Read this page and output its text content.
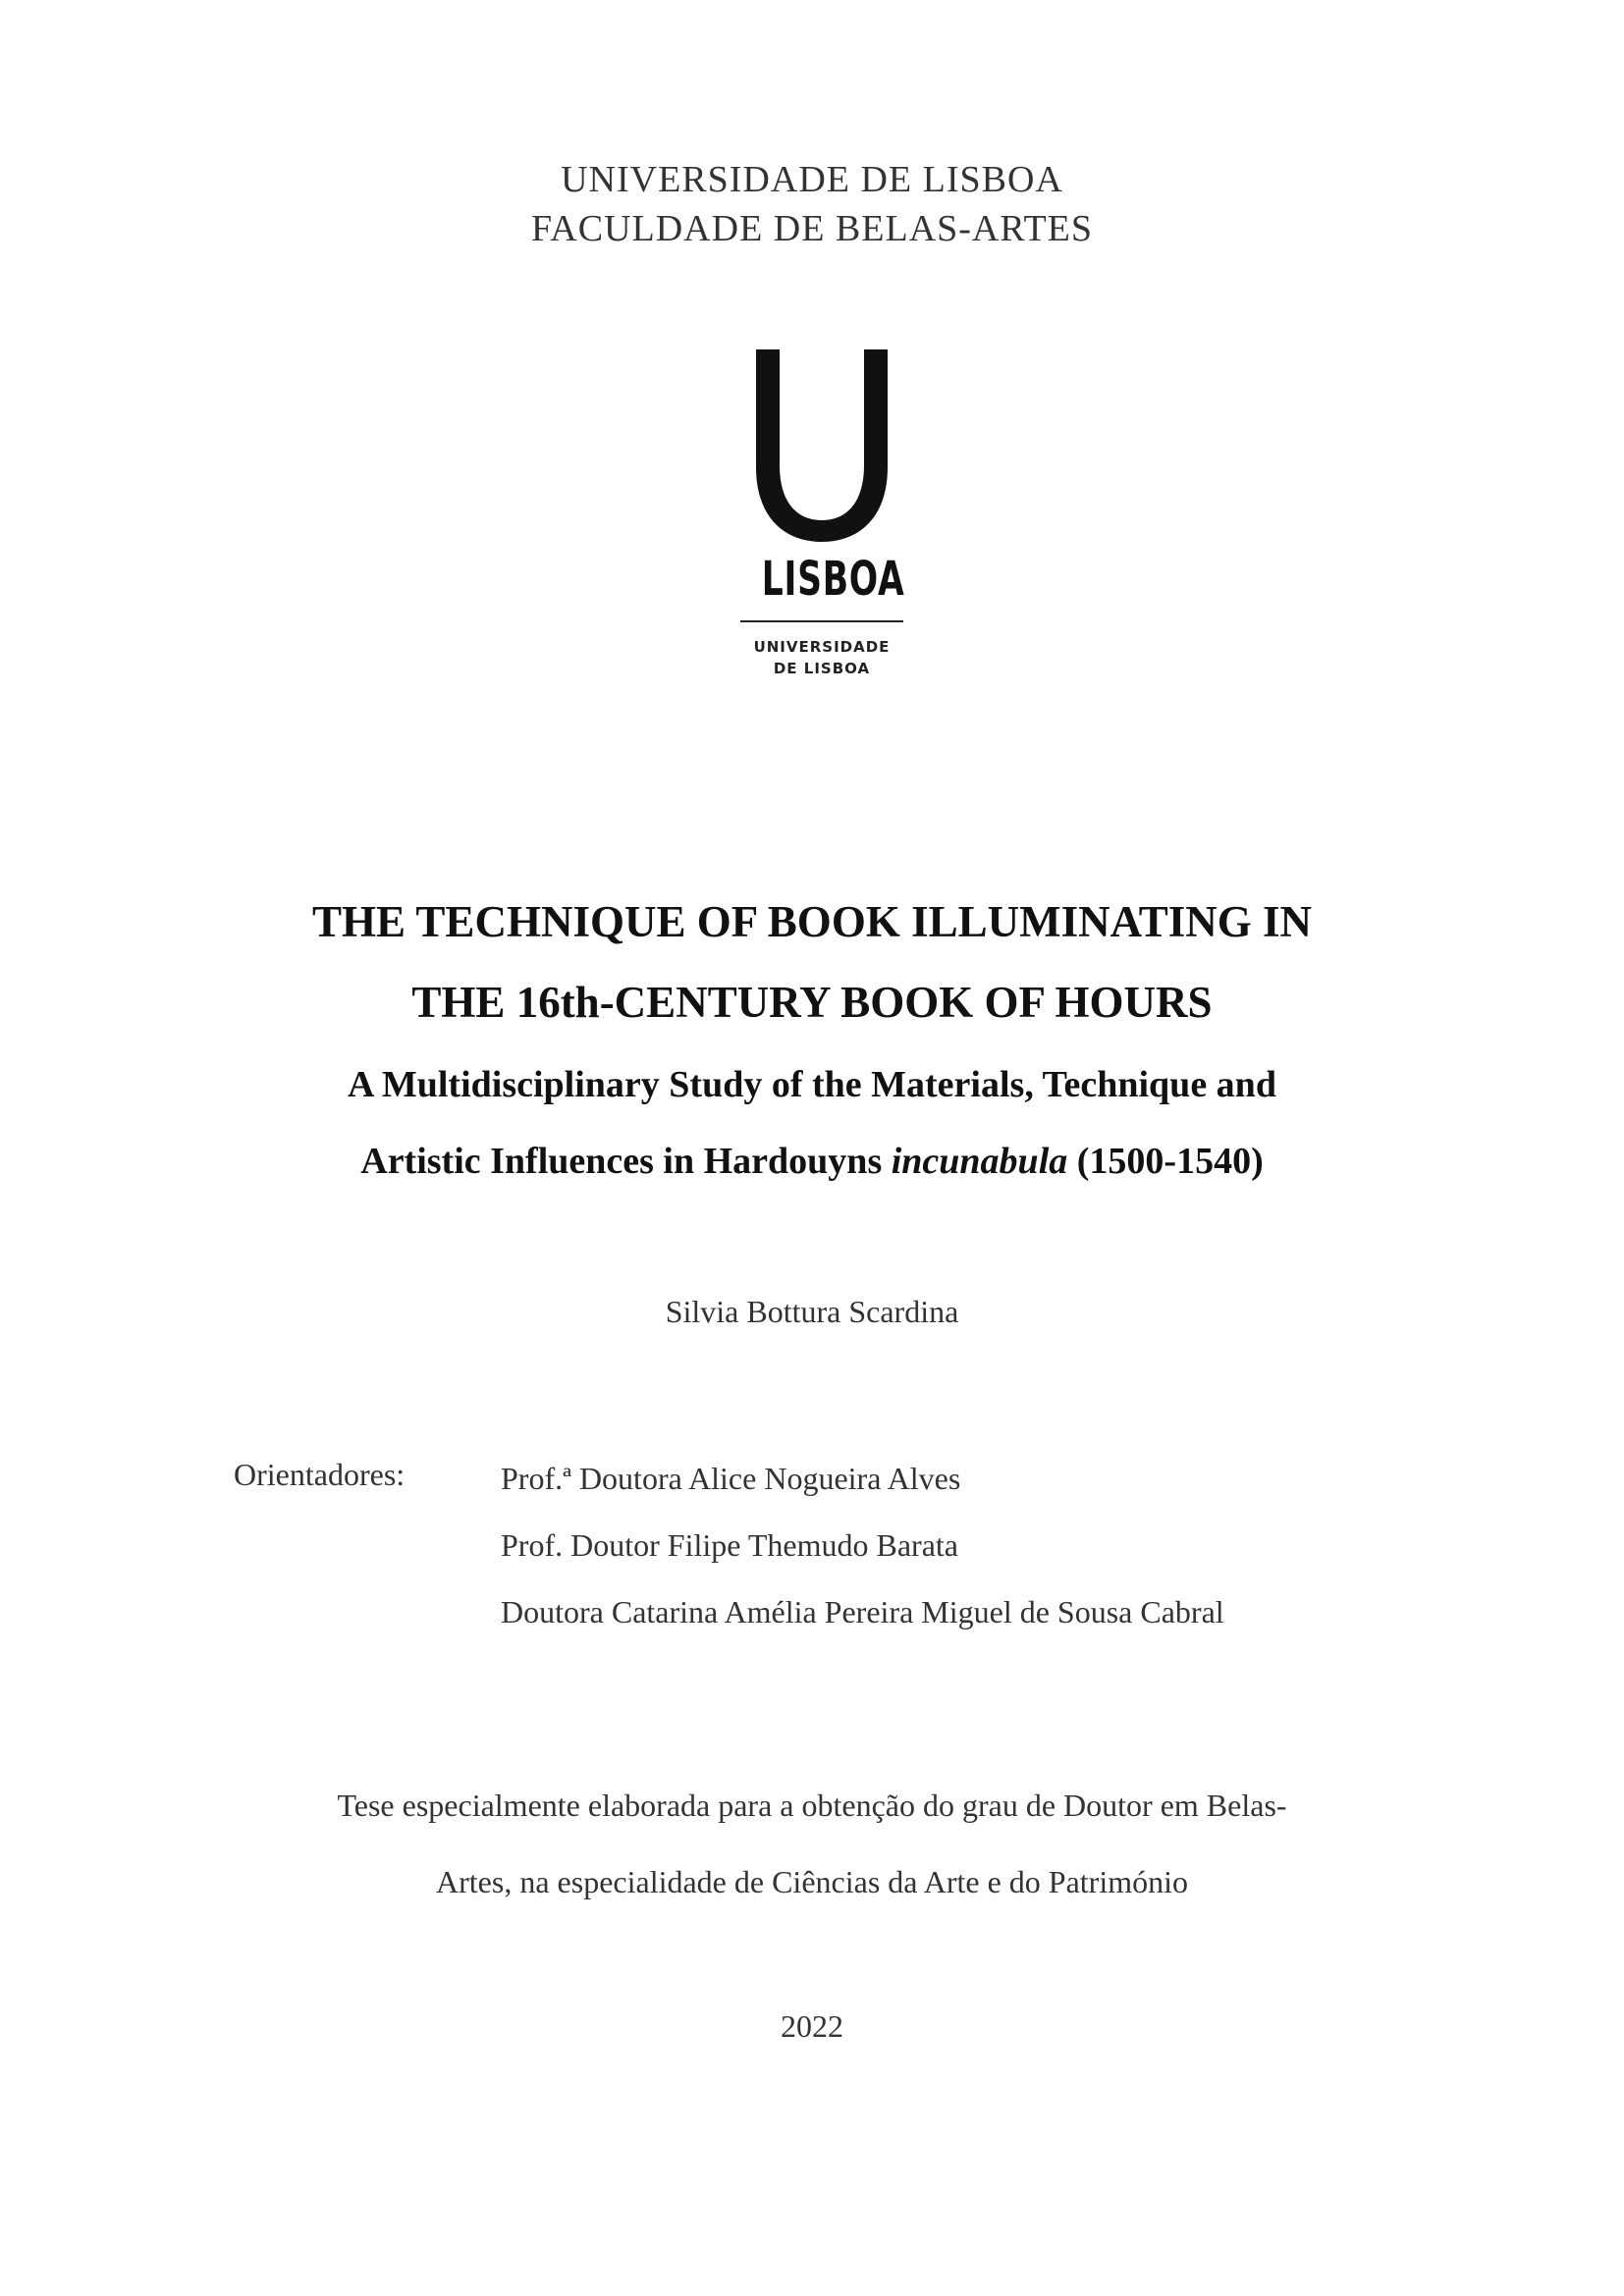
UNIVERSIDADE DE LISBOA
FACULDADE DE BELAS-ARTES
LISBOA
UNIVERSIDADE
DE LISBOA
THE TECHNIQUE OF BOOK ILLUMINATING IN
THE 16th-CENTURY BOOK OF HOURS
A Multidisciplinary Study of the Materials, Technique and
Artistic Influences in Hardouyns incunabula (1500-1540)
Silvia Bottura Scardina
Orientadores:	Prof.ª Doutora Alice Nogueira Alves
Prof. Doutor Filipe Themudo Barata
Doutora Catarina Amélia Pereira Miguel de Sousa Cabral
Tese especialmente elaborada para a obtenção do grau de Doutor em Belas-
Artes, na especialidade de Ciências da Arte e do Património
2022
